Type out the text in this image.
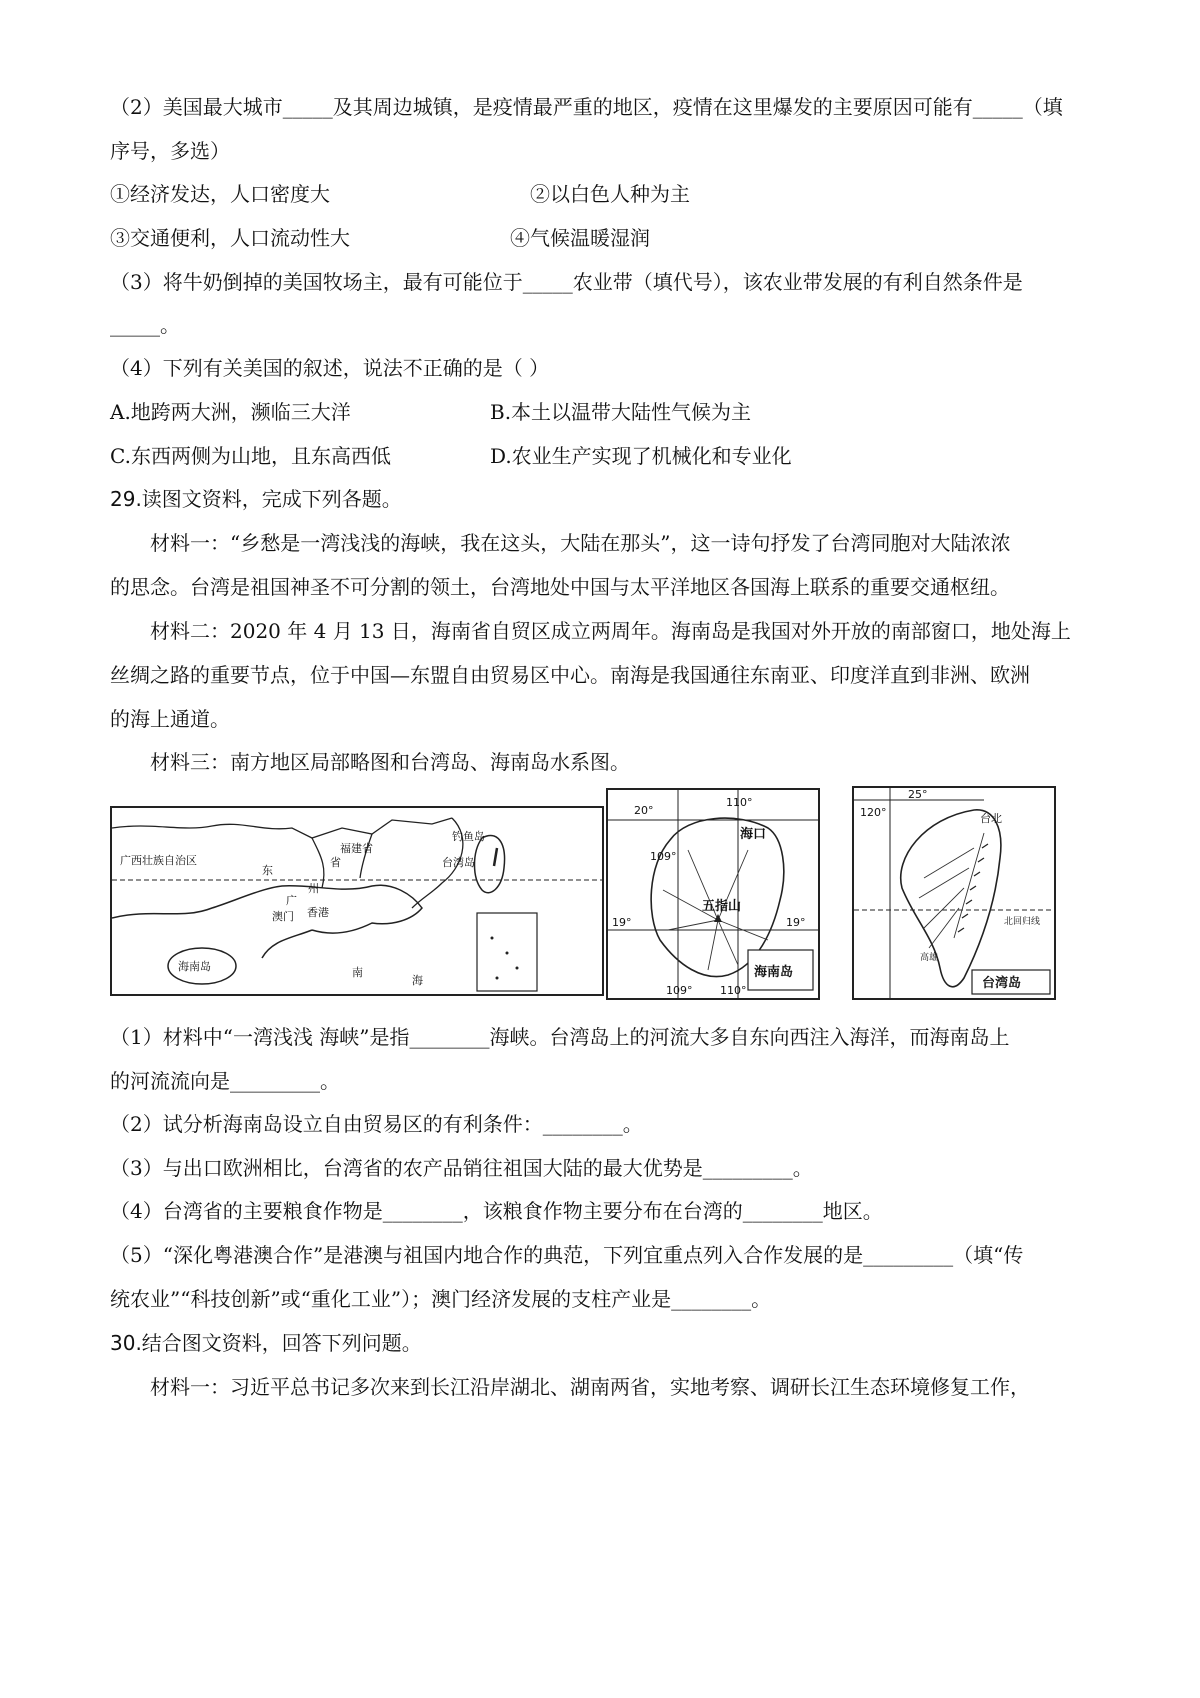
（2）美国最大城市_____及其周边城镇，是疫情最严重的地区，疫情在这里爆发的主要原因可能有_____（填
序号，多选）
①经济发达，人口密度大	②以白色人种为主
③交通便利，人口流动性大	④气候温暖湿润
（3）将牛奶倒掉的美国牧场主，最有可能位于_____农业带（填代号），该农业带发展的有利自然条件是
_____。
（4）下列有关美国的叙述，说法不正确的是（ ）
A.地跨两大洲，濒临三大洋	B.本土以温带大陆性气候为主
C.东西两侧为山地，且东高西低	D.农业生产实现了机械化和专业化
29.读图文资料，完成下列各题。
材料一：“乡愁是一湾浅浅的海峡，我在这头，大陆在那头”，这一诗句抒发了台湾同胞对大陆浓浓
的思念。台湾是祖国神圣不可分割的领土，台湾地处中国与太平洋地区各国海上联系的重要交通枢纽。
材料二：2020 年 4 月 13 日，海南省自贸区成立两周年。海南岛是我国对外开放的南部窗口，地处海上
丝绸之路的重要节点，位于中国—东盟自由贸易区中心。南海是我国通往东南亚、印度洋直到非洲、欧洲
的海上通道。
材料三：南方地区局部略图和台湾岛、海南岛水系图。
福建省
钓鱼岛
广西壮族自治区
东
省
州
广
台湾岛
澳门 香港
海南岛	南
海
20°
110°
海口
109°
五指山
19°	19°
109°	110°
海南岛
25°
120°	台北
北回归线
高雄
台湾岛
（1）材料中“一湾浅浅 海峡”是指________海峡。台湾岛上的河流大多自东向西注入海洋，而海南岛上
的河流流向是_________。
（2）试分析海南岛设立自由贸易区的有利条件：________。
（3）与出口欧洲相比，台湾省的农产品销往祖国大陆的最大优势是_________。
（4）台湾省的主要粮食作物是________，该粮食作物主要分布在台湾的________地区。
（5）“深化粤港澳合作”是港澳与祖国内地合作的典范，下列宜重点列入合作发展的是_________（填“传
统农业”“科技创新”或“重化工业”）；澳门经济发展的支柱产业是________。
30.结合图文资料，回答下列问题。
材料一：习近平总书记多次来到长江沿岸湖北、湖南两省，实地考察、调研长江生态环境修复工作，
